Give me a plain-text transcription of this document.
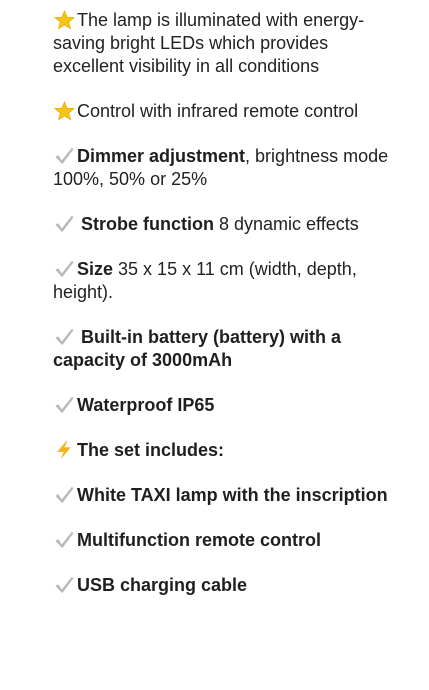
The lamp is illuminated with energy-saving bright LEDs which provides excellent visibility in all conditions

Control with infrared remote control

Dimmer adjustment, brightness mode 100%, 50% or 25%

Strobe function 8 dynamic effects

Size 35 x 15 x 11 cm (width, depth, height).

Built-in battery (battery) with a capacity of 3000mAh

Waterproof IP65

The set includes:

White TAXI lamp with the inscription

Multifunction remote control

USB charging cable
